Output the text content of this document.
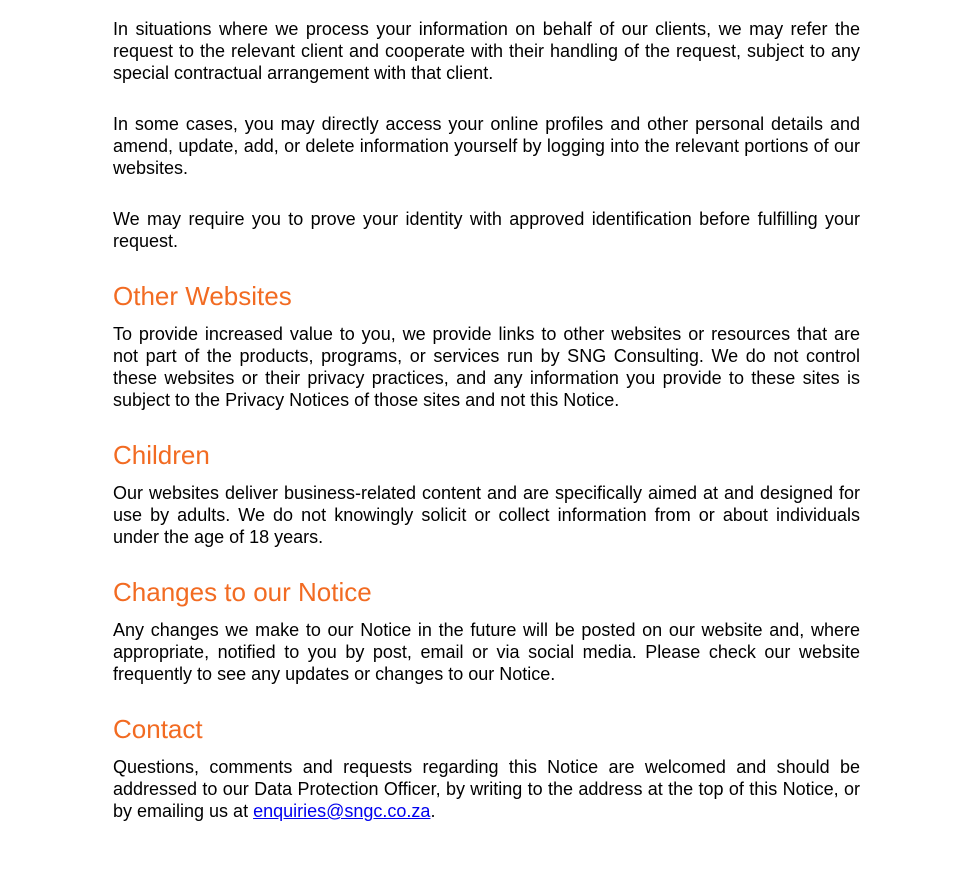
In situations where we process your information on behalf of our clients, we may refer the request to the relevant client and cooperate with their handling of the request, subject to any special contractual arrangement with that client.

In some cases, you may directly access your online profiles and other personal details and amend, update, add, or delete information yourself by logging into the relevant portions of our websites.

We may require you to prove your identity with approved identification before fulfilling your request.

Other Websites

To provide increased value to you, we provide links to other websites or resources that are not part of the products, programs, or services run by SNG Consulting. We do not control these websites or their privacy practices, and any information you provide to these sites is subject to the Privacy Notices of those sites and not this Notice.

Children

Our websites deliver business-related content and are specifically aimed at and designed for use by adults. We do not knowingly solicit or collect information from or about individuals under the age of 18 years.

Changes to our Notice

Any changes we make to our Notice in the future will be posted on our website and, where appropriate, notified to you by post, email or via social media. Please check our website frequently to see any updates or changes to our Notice.

Contact

Questions, comments and requests regarding this Notice are welcomed and should be addressed to our Data Protection Officer, by writing to the address at the top of this Notice, or by emailing us at enquiries@sngc.co.za.
